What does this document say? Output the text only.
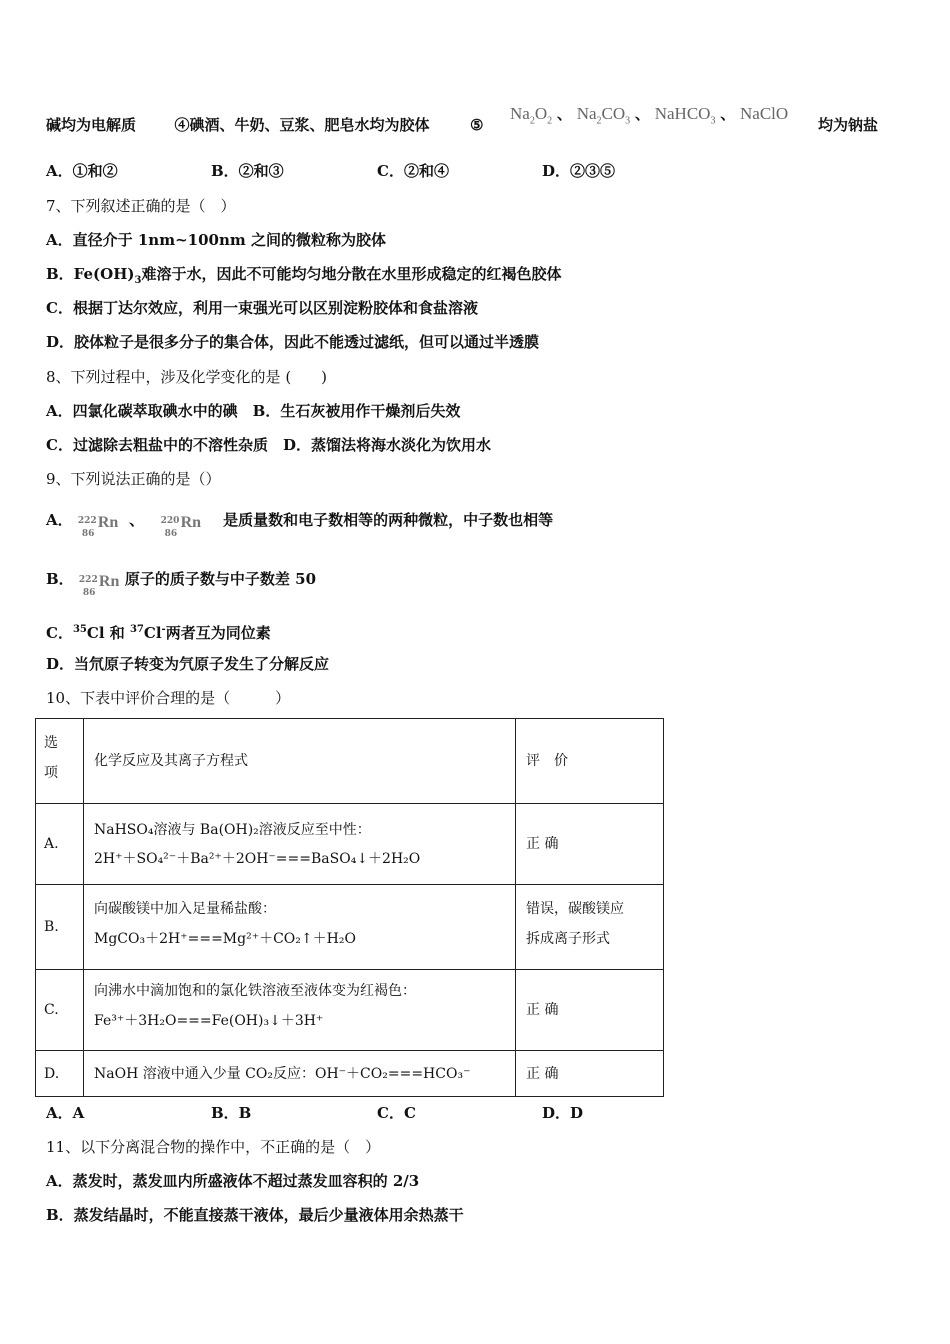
碱均为电解质	④碘酒、牛奶、豆浆、肥皂水均为胶体	⑤
$Na_2O_2$ 、 $Na_2CO_3$ 、 NaHCO$_3$ 、 NaClO
均为钠盐
A．①和②	B．②和③	C．②和④	D．②③⑤
7、下列叙述正确的是（　）
A．直径介于 1nm~100nm 之间的微粒称为胶体
B．$Fe(OH)_3$难溶于水，因此不可能均匀地分散在水里形成稳定的红褐色胶体
C．根据丁达尔效应，利用一束强光可以区别淀粉胶体和食盐溶液
D．胶体粒子是很多分子的集合体，因此不能透过滤纸，但可以通过半透膜
8、下列过程中，涉及化学变化的是 (　　)
A．四氯化碳萃取碘水中的碘　B．生石灰被用作干燥剂后失效
C．过滤除去粗盐中的不溶性杂质　D．蒸馏法将海水淡化为饮用水
9、下列说法正确的是（）
A． 222
86
Rn 、 220
86
Rn 是质量数和电子数相等的两种微粒，中子数也相等
B． 222
86
Rn 原子的质子数与中子数差 50
C．$^{35}$Cl 和 $^{37}$Cl-两者互为同位素
D．当氘原子转变为氕原子发生了分解反应
10、下表中评价合理的是（　　　）
选
项	化学反应及其离子方程式	评　价
A.	NaHSO₄溶液与 Ba(OH)₂溶液反应至中性：
2H⁺＋SO₄²⁻＋Ba²⁺＋2OH⁻===BaSO₄↓＋2H₂O	正 确

B.	向碳酸镁中加入足量稀盐酸：
MgCO₃＋2H⁺===Mg²⁺＋CO₂↑＋H₂O	错误，碳酸镁应
拆成离子形式

C.	向沸水中滴加饱和的氯化铁溶液至液体变为红褐色：
Fe³⁺＋3H₂O===Fe(OH)₃↓＋3H⁺	正 确

D.	NaOH 溶液中通入少量 CO₂反应：OH⁻＋CO₂===HCO₃⁻	正 确
A．A	B．B	C．C	D．D
11、以下分离混合物的操作中，不正确的是（　）
A．蒸发时，蒸发皿内所盛液体不超过蒸发皿容积的 2/3
B．蒸发结晶时，不能直接蒸干液体，最后少量液体用余热蒸干
